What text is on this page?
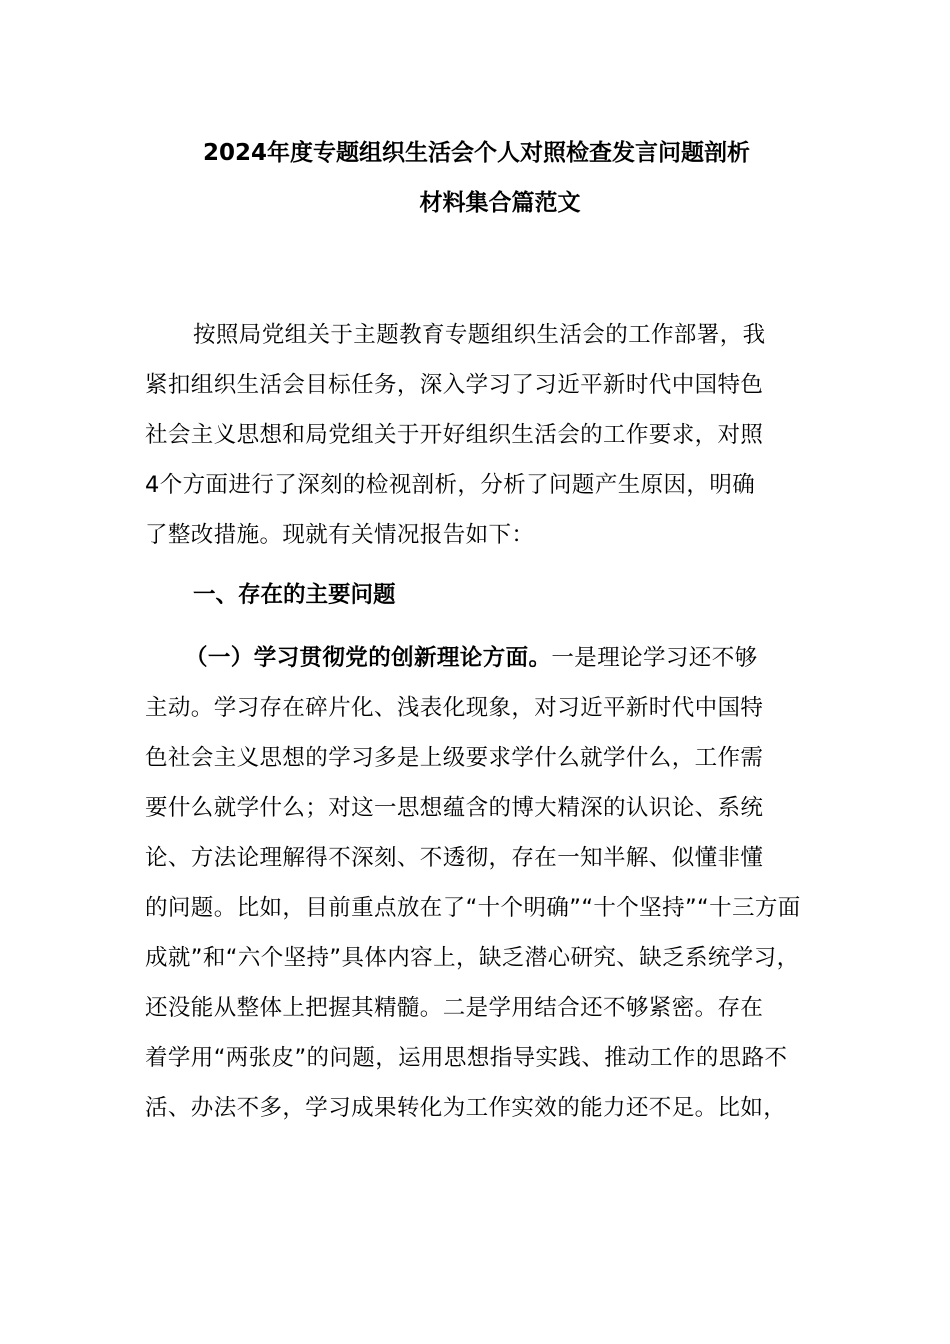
2024年度专题组织生活会个人对照检查发言问题剖析
材料集合篇范文
按照局党组关于主题教育专题组织生活会的工作部署，我
紧扣组织生活会目标任务，深入学习了习近平新时代中国特色
社会主义思想和局党组关于开好组织生活会的工作要求，对照
4个方面进行了深刻的检视剖析，分析了问题产生原因，明确
了整改措施。现就有关情况报告如下：
一、存在的主要问题
（一）学习贯彻党的创新理论方面。一是理论学习还不够
主动。学习存在碎片化、浅表化现象，对习近平新时代中国特
色社会主义思想的学习多是上级要求学什么就学什么，工作需
要什么就学什么；对这一思想蕴含的博大精深的认识论、系统
论、方法论理解得不深刻、不透彻，存在一知半解、似懂非懂
的问题。比如，目前重点放在了“十个明确”“十个坚持”“十三方面
成就”和“六个坚持”具体内容上，缺乏潜心研究、缺乏系统学习，
还没能从整体上把握其精髓。二是学用结合还不够紧密。存在
着学用“两张皮”的问题，运用思想指导实践、推动工作的思路不
活、办法不多，学习成果转化为工作实效的能力还不足。比如，
